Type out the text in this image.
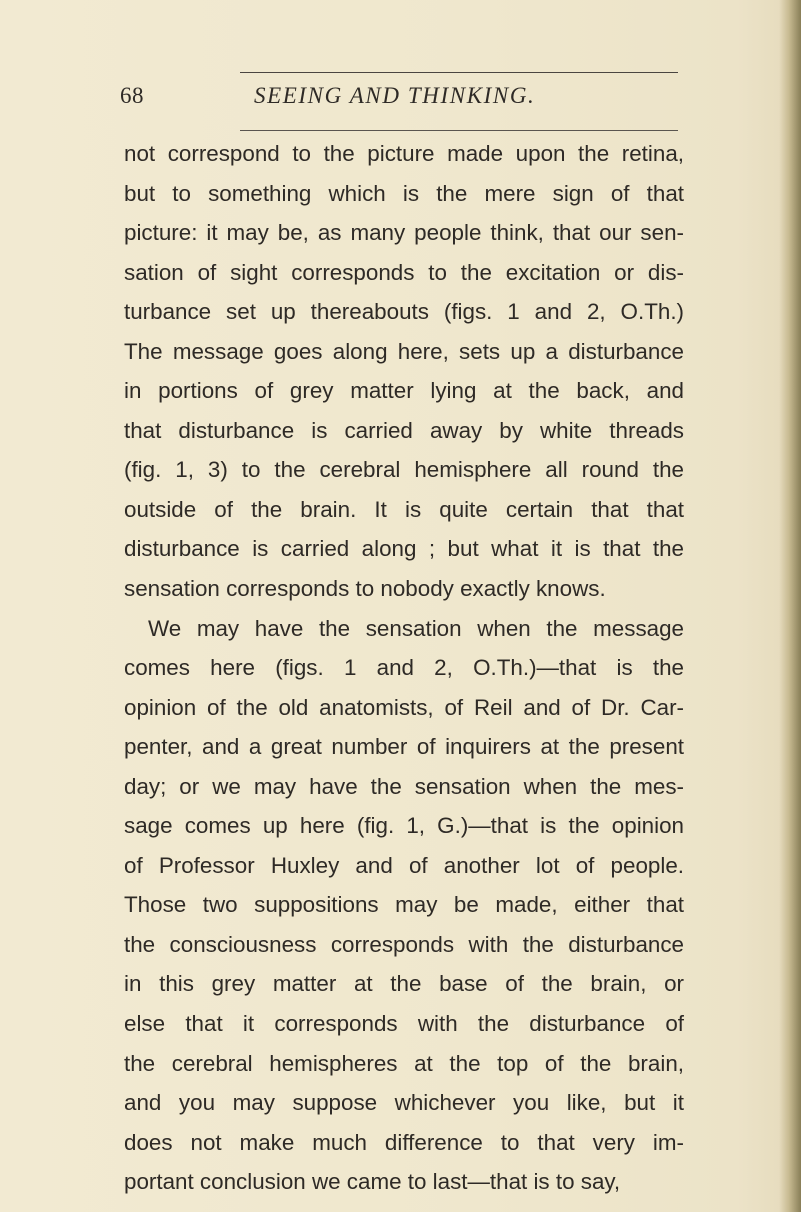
68	SEEING AND THINKING.
not correspond to the picture made upon the retina,
but to something which is the mere sign of that
picture: it may be, as many people think, that our sen-
sation of sight corresponds to the excitation or dis-
turbance set up thereabouts (figs. 1 and 2, O.Th.)
The message goes along here, sets up a disturbance
in portions of grey matter lying at the back, and
that disturbance is carried away by white threads
(fig. 1, 3) to the cerebral hemisphere all round the
outside of the brain. It is quite certain that that
disturbance is carried along ; but what it is that the
sensation corresponds to nobody exactly knows.
We may have the sensation when the message
comes here (figs. 1 and 2, O.Th.)—that is the
opinion of the old anatomists, of Reil and of Dr. Car-
penter, and a great number of inquirers at the present
day; or we may have the sensation when the mes-
sage comes up here (fig. 1, G.)—that is the opinion
of Professor Huxley and of another lot of people.
Those two suppositions may be made, either that
the consciousness corresponds with the disturbance
in this grey matter at the base of the brain, or
else that it corresponds with the disturbance of
the cerebral hemispheres at the top of the brain,
and you may suppose whichever you like, but it
does not make much difference to that very im-
portant conclusion we came to last—that is to say,
